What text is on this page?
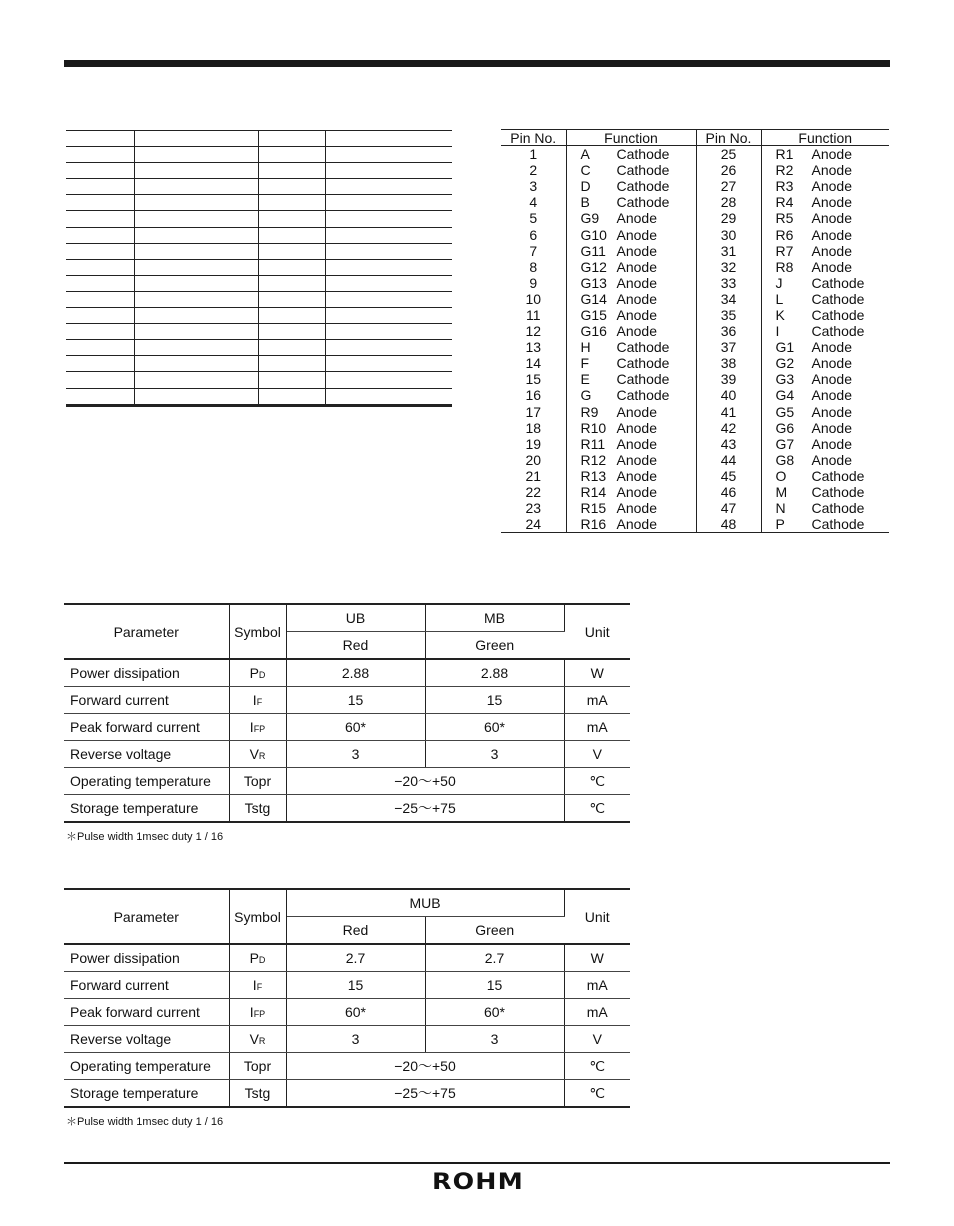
Pin No.	Function	Pin No.	Function
1	A Cathode	25	R1 Anode
2	C Cathode	26	R2 Anode
3	D Cathode	27	R3 Anode
4	B Cathode	28	R4 Anode
5	G9 Anode	29	R5 Anode
6	G10 Anode	30	R6 Anode
7	G11 Anode	31	R7 Anode
8	G12 Anode	32	R8 Anode
9	G13 Anode	33	J Cathode
10	G14 Anode	34	L Cathode
11	G15 Anode	35	K Cathode
12	G16 Anode	36	I Cathode
13	H Cathode	37	G1 Anode
14	F Cathode	38	G2 Anode
15	E Cathode	39	G3 Anode
16	G Cathode	40	G4 Anode
17	R9 Anode	41	G5 Anode
18	R10 Anode	42	G6 Anode
19	R11 Anode	43	G7 Anode
20	R12 Anode	44	G8 Anode
21	R13 Anode	45	O Cathode
22	R14 Anode	46	M Cathode
23	R15 Anode	47	N Cathode
24	R16 Anode	48	P Cathode
Parameter	Symbol	UB	MB	Unit
		Red	Green	
Power dissipation	PD	2.88	2.88	W
Forward current	IF	15	15	mA
Peak forward current	IFP	60*	60*	mA
Reverse voltage	VR	3	3	V
Operating temperature	Topr	−20〜+50		℃
Storage temperature	Tstg	−25〜+75		℃
＊Pulse width 1msec duty 1 / 16
Parameter	Symbol	MUB		Unit
		Red	Green	
Power dissipation	PD	2.7	2.7	W
Forward current	IF	15	15	mA
Peak forward current	IFP	60*	60*	mA
Reverse voltage	VR	3	3	V
Operating temperature	Topr	−20〜+50		℃
Storage temperature	Tstg	−25〜+75		℃
＊Pulse width 1msec duty 1 / 16
ROHM
